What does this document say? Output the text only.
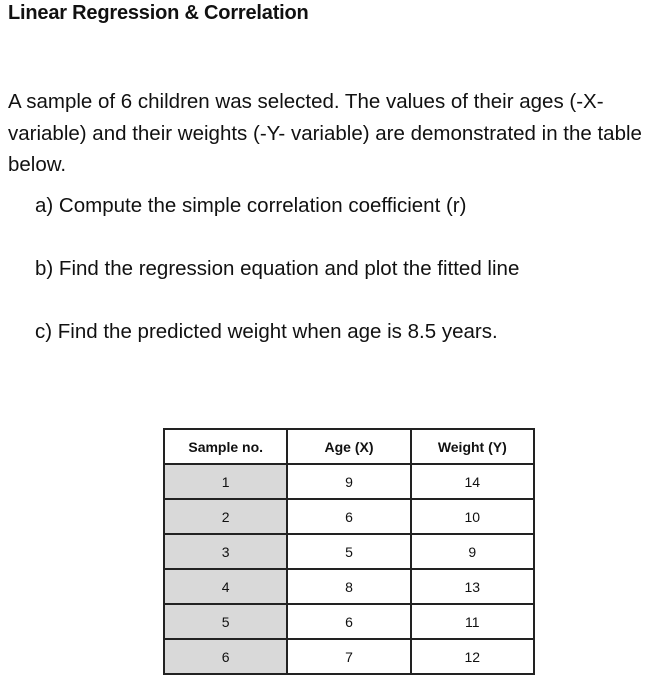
Linear Regression & Correlation

A sample of 6 children was selected. The values of their ages (-X-variable) and their weights (-Y- variable) are demonstrated in the table below.

a) Compute the simple correlation coefficient (r)
b) Find the regression equation and plot the fitted line
c) Find the predicted weight when age is 8.5 years.
Sample no.	Age (X)	Weight (Y)
1	9	14
2	6	10
3	5	9
4	8	13
5	6	11
6	7	12
